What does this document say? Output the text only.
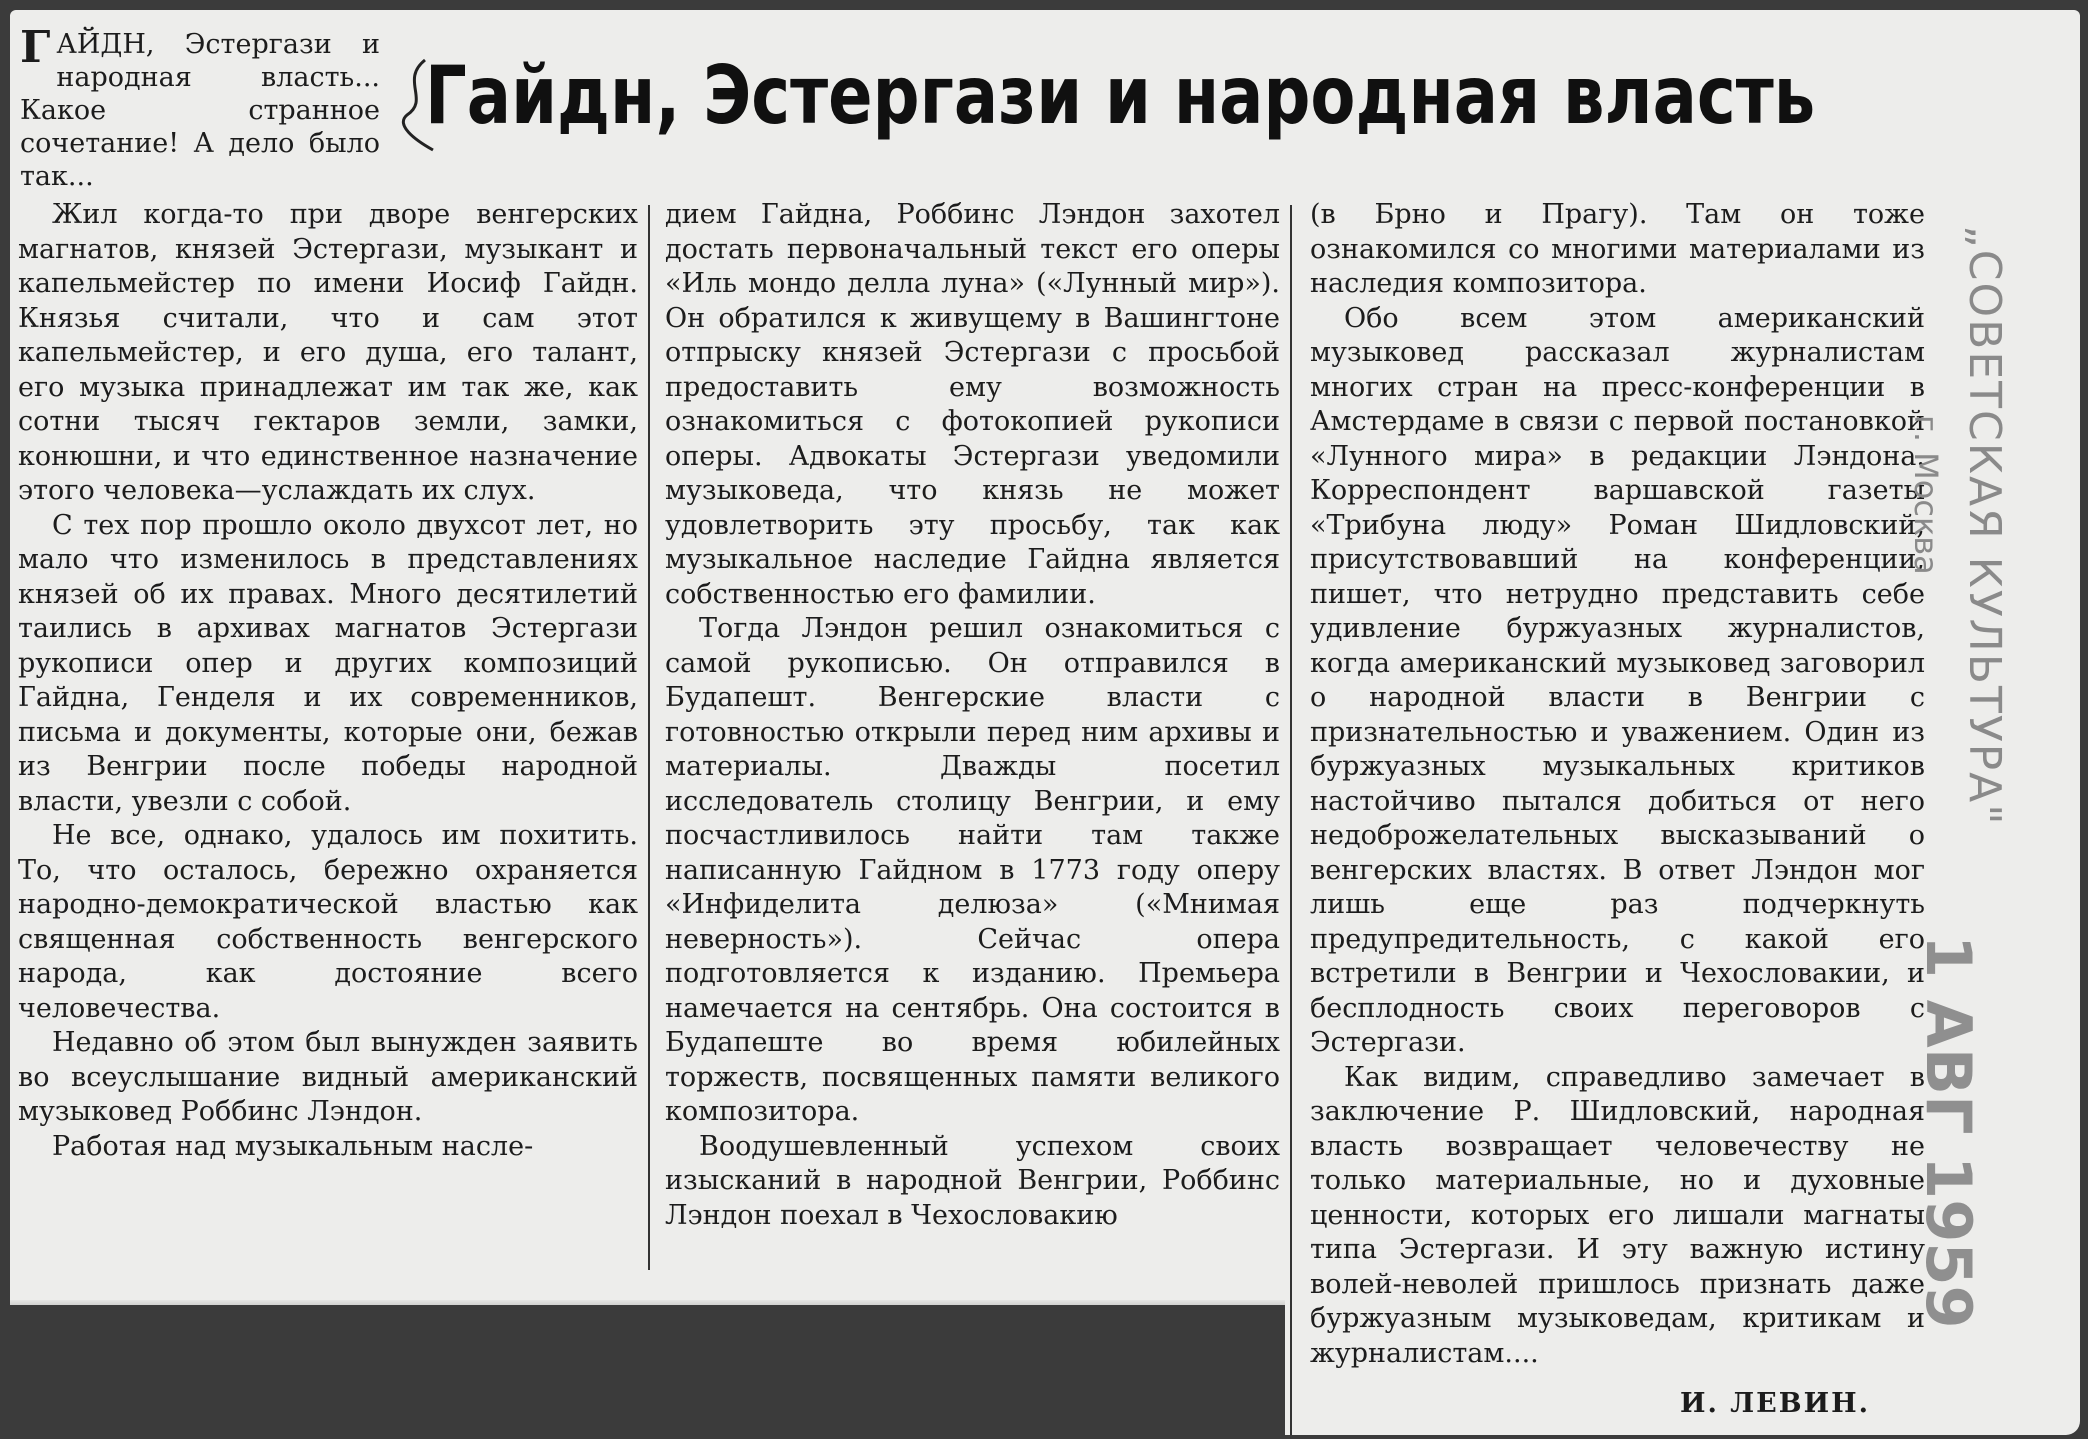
ГАЙДН, Эстергази и народная власть... Какое странное сочетание! А дело было так...
Гайдн, Эстергази и народная власть

Жил когда-то при дворе венгерских магнатов, князей Эстергази, музыкант и капельмейстер по имени Иосиф Гайдн. Князья считали, что и сам этот капельмейстер, и его душа, его талант, его музыка принадлежат им так же, как сотни тысяч гектаров земли, замки, конюшни, и что единственное назначение этого человека—услаждать их слух.

С тех пор прошло около двухсот лет, но мало что изменилось в представлениях князей об их правах. Много десятилетий таились в архивах магнатов Эстергази рукописи опер и других композиций Гайдна, Генделя и их современников, письма и документы, которые они, бежав из Венгрии после победы народной власти, увезли с собой.

Не все, однако, удалось им похитить. То, что осталось, бережно охраняется народно-демократической властью как священная собственность венгерского народа, как достояние всего человечества.

Недавно об этом был вынужден заявить во всеуслышание видный американский музыковед Роббинс Лэндон.

Работая над музыкальным насле-

дием Гайдна, Роббинс Лэндон захотел достать первоначальный текст его оперы «Иль мондо делла луна» («Лунный мир»). Он обратился к живущему в Вашингтоне отпрыску князей Эстергази с просьбой предоставить ему возможность ознакомиться с фотокопией рукописи оперы. Адвокаты Эстергази уведомили музыковеда, что князь не может удовлетворить эту просьбу, так как музыкальное наследие Гайдна является собственностью его фамилии.

Тогда Лэндон решил ознакомиться с самой рукописью. Он отправился в Будапешт. Венгерские власти с готовностью открыли перед ним архивы и материалы. Дважды посетил исследователь столицу Венгрии, и ему посчастливилось найти там также написанную Гайдном в 1773 году оперу «Инфиделита делюза» («Мнимая неверность»). Сейчас опера подготовляется к изданию. Премьера намечается на сентябрь. Она состоится в Будапеште во время юбилейных торжеств, посвященных памяти великого композитора.

Воодушевленный успехом своих изысканий в народной Венгрии, Роббинс Лэндон поехал в Чехословакию

(в Брно и Прагу). Там он тоже ознакомился со многими материалами из наследия композитора.

Обо всем этом американский музыковед рассказал журналистам многих стран на пресс-конференции в Амстердаме в связи с первой постановкой «Лунного мира» в редакции Лэндона. Корреспондент варшавской газеты «Трибуна люду» Роман Шидловский, присутствовавший на конференции, пишет, что нетрудно представить себе удивление буржуазных журналистов, когда американский музыковед заговорил о народной власти в Венгрии с признательностью и уважением. Один из буржуазных музыкальных критиков настойчиво пытался добиться от него недоброжелательных высказываний о венгерских властях. В ответ Лэндон мог лишь еще раз подчеркнуть предупредительность, с какой его встретили в Венгрии и Чехословакии, и бесплодность своих переговоров с Эстергази.

Как видим, справедливо замечает в заключение Р. Шидловский, народная власть возвращает человечеству не только материальные, но и духовные ценности, которых его лишали магнаты типа Эстергази. И эту важную истину волей-неволей пришлось признать даже буржуазным музыковедам, критикам и журналистам....

И. ЛЕВИН.
„СОВЕТСКАЯ КУЛЬТУРА"
г. Москва
1 АВГ 1959
